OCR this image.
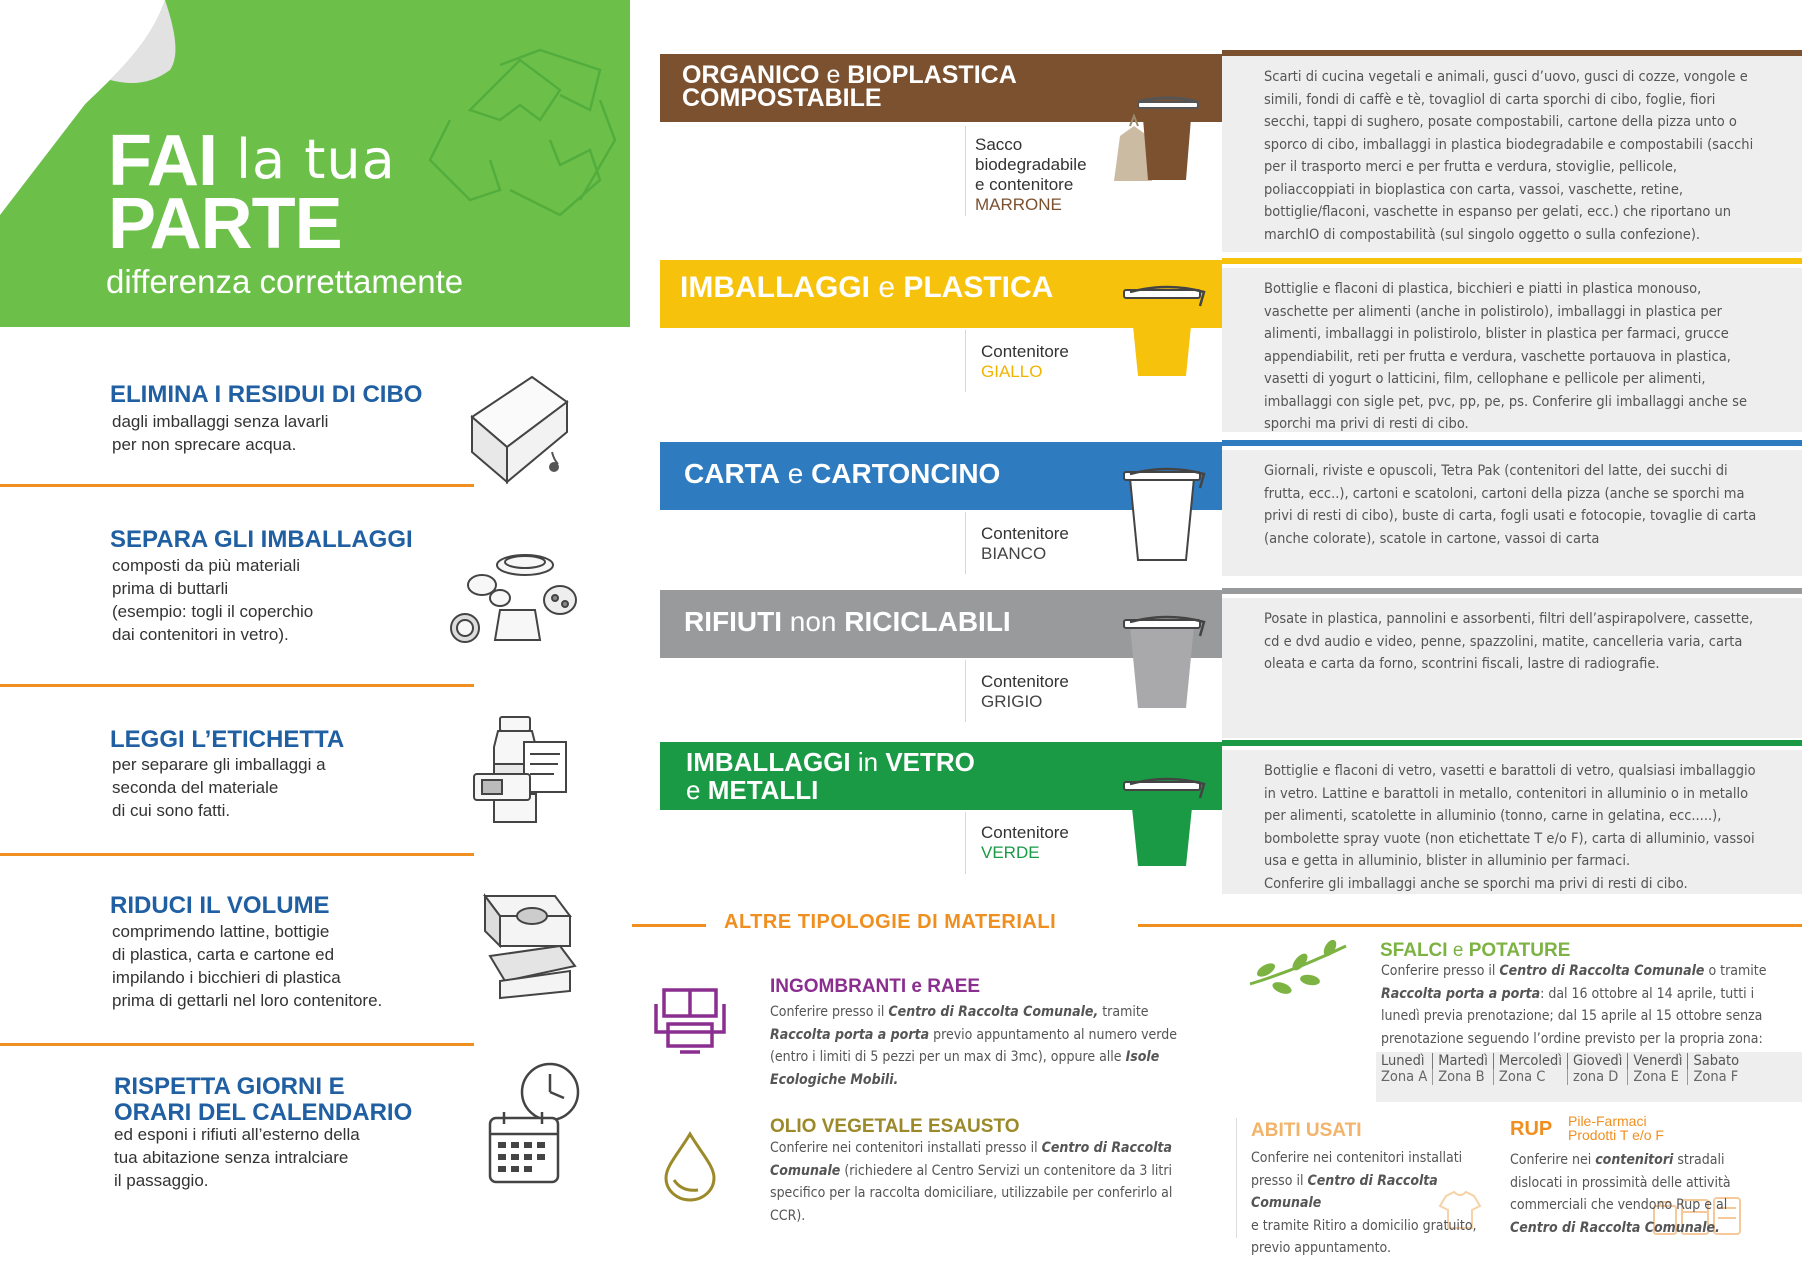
FAI la tua
PARTE
differenza correttamente
ELIMINA I RESIDUI DI CIBO
dagli imballaggi senza lavarli
per non sprecare acqua.
SEPARA GLI IMBALLAGGI
composti da più materiali
prima di buttarli
(esempio: togli il coperchio
dai contenitori in vetro).
LEGGI L’ETICHETTA
per separare gli imballaggi a
seconda del materiale
di cui sono fatti.
RIDUCI IL VOLUME
comprimendo lattine, bottigie
di plastica, carta e cartone ed
impilando i bicchieri di plastica
prima di gettarli nel loro contenitore.
RISPETTA GIORNI E
ORARI DEL CALENDARIO
ed esponi i rifiuti all’esterno della
tua abitazione senza intralciare
il passaggio.
ORGANICO e BIOPLASTICA
COMPOSTABILE
Sacco
biodegradabile
e contenitore
MARRONE
Scarti di cucina vegetali e animali, gusci d’uovo, gusci di cozze, vongole e simili, fondi di caffè e tè, tovagliol di carta sporchi di cibo, foglie, fiori secchi, tappi di sughero, posate compostabili, cartone della pizza unto o sporco di cibo, imballaggi in plastica biodegradabile e compostabili (sacchi per il trasporto merci e per frutta e verdura, stoviglie, pellicole, poliaccoppiati in bioplastica con carta, vassoi, vaschette, retine, bottiglie/flaconi, vaschette in espanso per gelati, ecc.) che riportano un marchIO di compostabilità (sul singolo oggetto o sulla confezione).
IMBALLAGGI e PLASTICA
Contenitore
GIALLO
Bottiglie e flaconi di plastica, bicchieri e piatti in plastica monouso, vaschette per alimenti (anche in polistirolo), imballaggi in plastica per alimenti, imballaggi in polistirolo, blister in plastica per farmaci, grucce appendiabilit, reti per frutta e verdura, vaschette portauova in plastica, vasetti di yogurt o latticini, film, cellophane e pellicole per alimenti, imballaggi con sigle pet, pvc, pp, pe, ps. Conferire gli imballaggi anche se sporchi ma privi di resti di cibo.
CARTA e CARTONCINO
Contenitore
BIANCO
Giornali, riviste e opuscoli, Tetra Pak (contenitori del latte, dei succhi di frutta, ecc..), cartoni e scatoloni, cartoni della pizza (anche se sporchi ma privi di resti di cibo), buste di carta, fogli usati e fotocopie, tovaglie di carta (anche colorate), scatole in cartone, vassoi di carta
RIFIUTI non RICICLABILI
Contenitore
GRIGIO
Posate in plastica, pannolini e assorbenti, filtri dell’aspirapolvere, cassette, cd e dvd audio e video, penne, spazzolini, matite, cancelleria varia, carta oleata e carta da forno, scontrini fiscali, lastre di radiografie.
IMBALLAGGI in VETRO
e METALLI
Contenitore
VERDE
Bottiglie e flaconi di vetro, vasetti e barattoli di vetro, qualsiasi imballaggio in vetro. Lattine e barattoli in metallo, contenitori in alluminio o in metallo per alimenti, scatolette in alluminio (tonno, carne in gelatina, ecc.....), bombolette spray vuote (non etichettate T e/o F), carta di alluminio, vassoi usa e getta in alluminio, blister in alluminio per farmaci.
Conferire gli imballaggi anche se sporchi ma privi di resti di cibo.
ALTRE TIPOLOGIE DI MATERIALI
INGOMBRANTI e RAEE
Conferire presso il Centro di Raccolta Comunale, tramite
Raccolta porta a porta previo appuntamento al numero verde
(entro i limiti di 5 pezzi per un max di 3mc), oppure alle Isole
Ecologiche Mobili.
OLIO VEGETALE ESAUSTO
Conferire nei contenitori installati presso il Centro di Raccolta
Comunale (richiedere al Centro Servizi un contenitore da 3 litri
specifico per la raccolta domiciliare, utilizzabile per conferirlo al
CCR).
SFALCI e POTATURE
Conferire presso il Centro di Raccolta Comunale o tramite
Raccolta porta a porta: dal 16 ottobre al 14 aprile, tutti i
lunedì previa prenotazione; dal 15 aprile al 15 ottobre senza
prenotazione seguendo l’ordine previsto per la propria zona:
Lunedì	Martedì	Mercoledì	Giovedì	Venerdì	Sabato
Zona A	Zona B	Zona C	zona D	Zona E	Zona F
ABITI USATI
Conferire nei contenitori installati
presso il Centro di Raccolta Comunale
e tramite Ritiro a domicilio gratuito,
previo appuntamento.
RUP Pile-Farmaci
Prodotti T e/o F
Conferire nei contenitori stradali
dislocati in prossimità delle attività
commerciali che vendono Rup e al
Centro di Raccolta Comunale.
